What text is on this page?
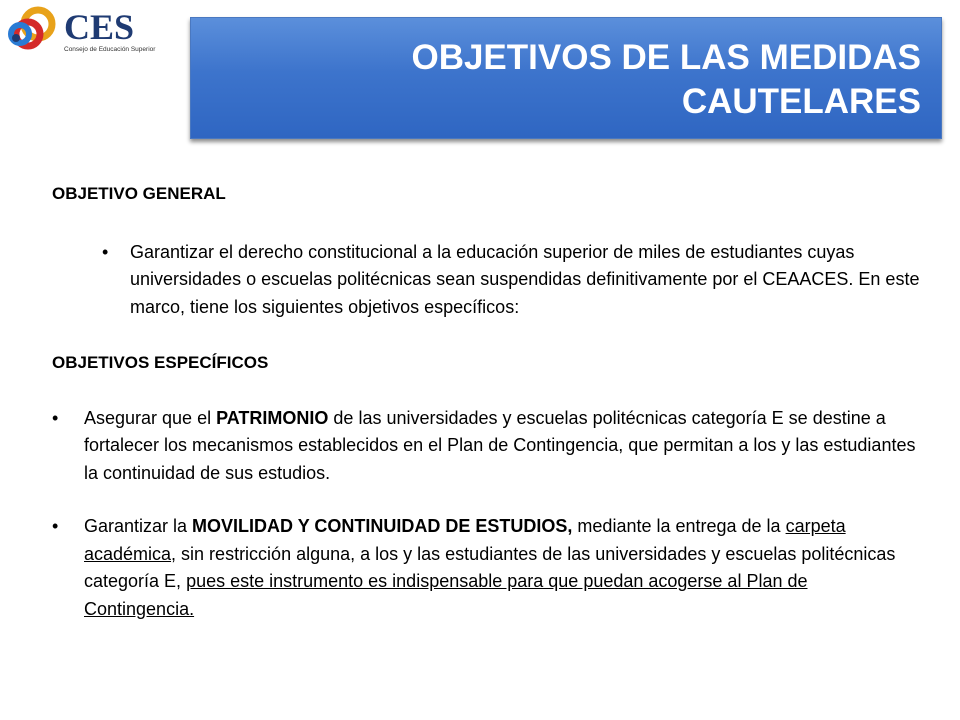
CES
Consejo de Educación Superior	OBJETIVOS DE LAS MEDIDAS
CAUTELARES

OBJETIVO GENERAL

• Garantizar el derecho constitucional a la educación superior de miles de estudiantes cuyas universidades o escuelas politécnicas sean suspendidas definitivamente por el CEAACES. En este marco, tiene los siguientes objetivos específicos:

OBJETIVOS ESPECÍFICOS

• Asegurar que el PATRIMONIO de las universidades y escuelas politécnicas categoría E se destine a fortalecer los mecanismos establecidos en el Plan de Contingencia, que permitan a los y las estudiantes la continuidad de sus estudios.

• Garantizar la MOVILIDAD Y CONTINUIDAD DE ESTUDIOS, mediante la entrega de la carpeta académica, sin restricción alguna, a los y las estudiantes de las universidades y escuelas politécnicas categoría E, pues este instrumento es indispensable para que puedan acogerse al Plan de Contingencia.
